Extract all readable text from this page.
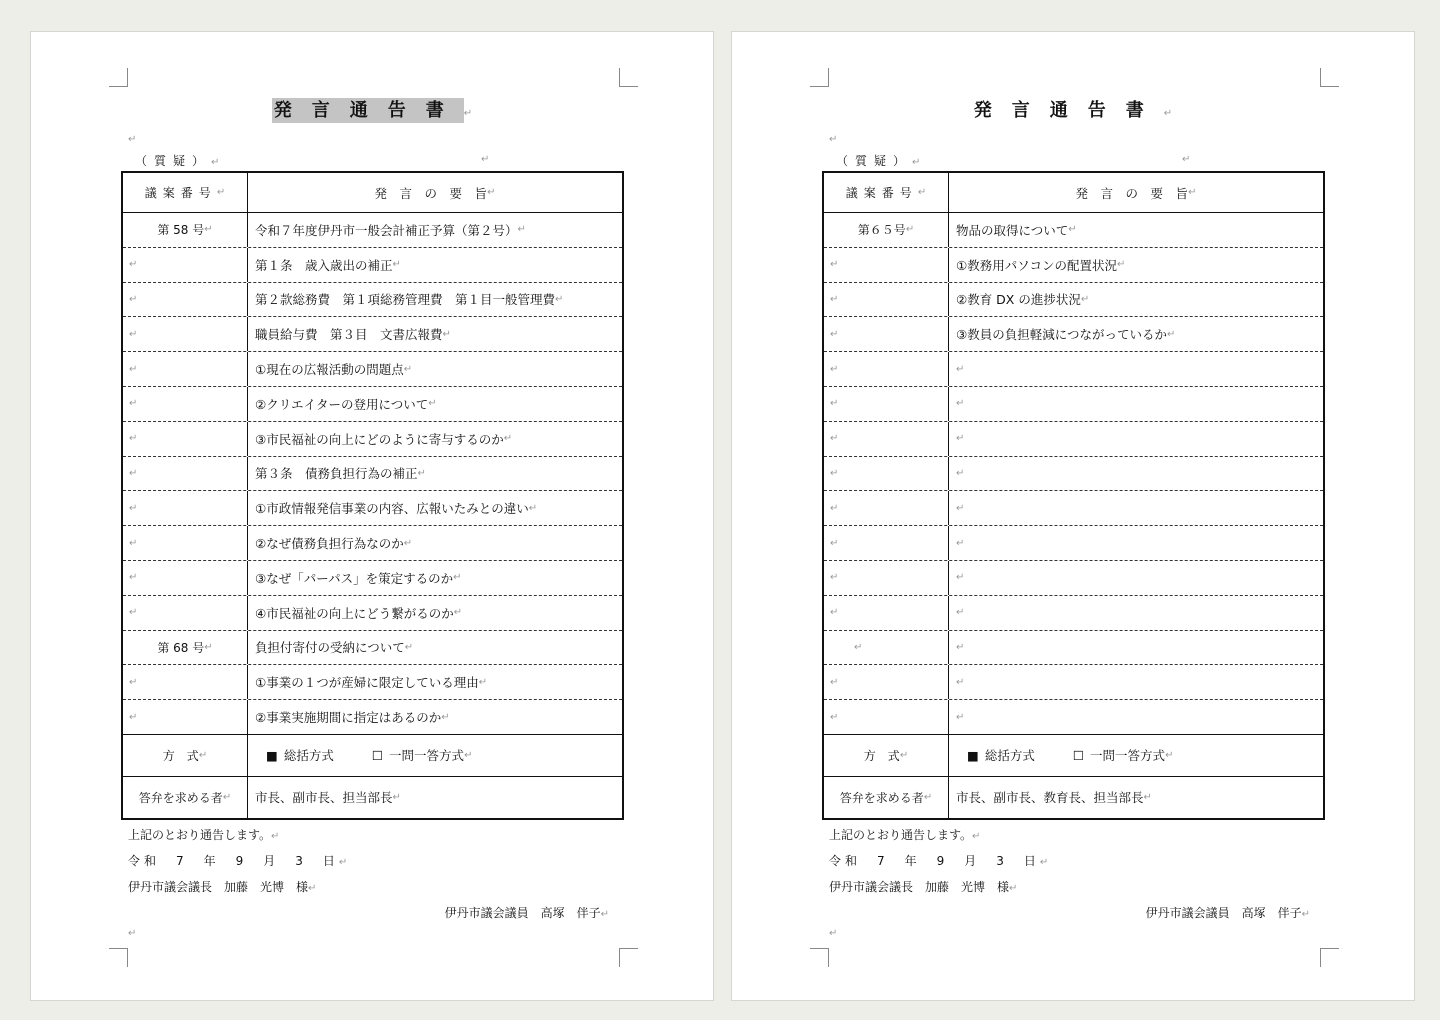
発言通告書↵
↵
（質疑）↵	↵
議案番号 ↵	発　言　の　要　旨 ↵
第 58 号 ↵	令和７年度伊丹市一般会計補正予算（第２号） ↵
↵	第１条　歳入歳出の補正 ↵
↵	第２款総務費　第１項総務管理費　第１目一般管理費 ↵
↵	職員給与費　第３目　文書広報費 ↵
↵	①現在の広報活動の問題点 ↵
↵	②クリエイターの登用について ↵
↵	③市民福祉の向上にどのように寄与するのか ↵
↵	第３条　債務負担行為の補正 ↵
↵	①市政情報発信事業の内容、広報いたみとの違い ↵
↵	②なぜ債務負担行為なのか ↵
↵	③なぜ「パーパス」を策定するのか ↵
↵	④市民福祉の向上にどう繋がるのか ↵
第 68 号 ↵	負担付寄付の受納について ↵
↵	①事業の１つが産婦に限定している理由 ↵
↵	②事業実施期間に指定はあるのか ↵
方　式 ↵	■ 総括方式	☐ 一問一答方式 ↵
答弁を求める者 ↵	市長、副市長、担当部長 ↵
上記のとおり通告します。↵
令和　7　年　9　月　3　日↵
伊丹市議会議長　加藤　光博　様↵
伊丹市議会議員　高塚　伴子↵
↵
発言通告書↵
↵
（質疑）↵	↵
議案番号 ↵	発　言　の　要　旨 ↵
第６５号 ↵	物品の取得について ↵
↵	①教務用パソコンの配置状況 ↵
↵	②教育 DX の進捗状況 ↵
↵	③教員の負担軽減につながっているか ↵
↵	↵
↵	↵
↵	↵
↵	↵
↵	↵
↵	↵
↵	↵
↵	↵
↵	↵
↵	↵
↵	↵
方　式 ↵	■ 総括方式	☐ 一問一答方式 ↵
答弁を求める者 ↵	市長、副市長、教育長、担当部長 ↵
上記のとおり通告します。↵
令和　7　年　9　月　3　日↵
伊丹市議会議長　加藤　光博　様↵
伊丹市議会議員　高塚　伴子↵
↵
